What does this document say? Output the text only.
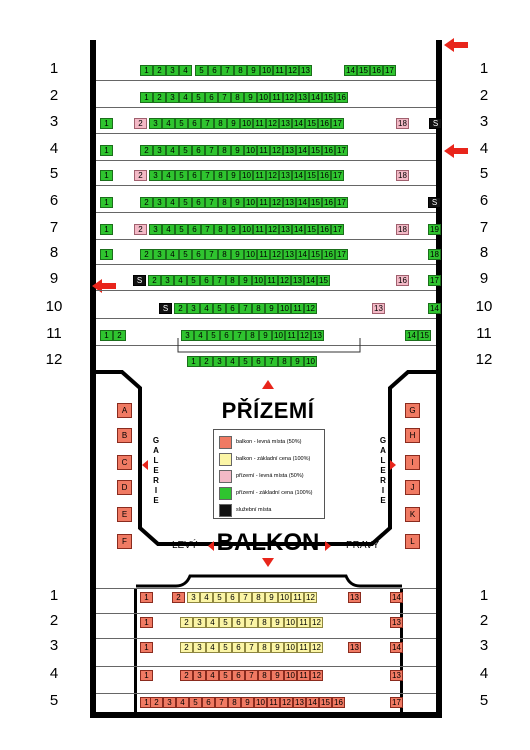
1	1
1	2	3	4	5	6	7	8	9 10 11 12 13	14 15 16 17
2	2
1	2	3	4	5	6	7	8	9 10 11 12 13 14 15 16
3	3
1	2	3	4	5	6	7	8	9 10 11 12 13 14 15 16 17	18	S
4	4
1	2	3	4	5	6	7	8	9 10 11 12 13 14 15 16 17
5	5
1	2	3	4	5	6	7	8	9 10 11 12 13 14 15 16 17	18
6	6
1	2	3	4	5	6	7	8	9 10 11 12 13 14 15 16 17	S
7	7
1	2	3	4	5	6	7	8	9 10 11 12 13 14 15 16 17	18	19
8	8
1	2	3	4	5	6	7	8	9 10 11 12 13 14 15 16 17	18
9	9
S	2	3	4	5	6	7	8	9 10 11 12 13 14 15	16	17
10	10
S	2	3	4	5	6	7	8	9 10 11 12	13	14
11	11
1	2	3	4	5	6	7	8	9 10 11 12 13	14 15
12	12
1	2	3	4	5	6	7	8	9 10
PŘÍZEMÍ
balkon - levná místa (50%)
balkon - základní cena (100%)
přízemí - levná místa (50%)
přízemí - základní cena (100%)
služební místa
A
B
C
D
E
F
G
A
L
E
R
I
E
G
H
I
J
K
L
G
A
L
E
R
I
E
LEVÝ BALKON	PRAVÝ
1	1
1	2	3	4	5	6	7	8	9 10 11 12	13	14
2	2
1	2	3	4	5	6	7	8	9 10 11 12	13
3	3
1	2	3	4	5	6	7	8	9 10 11 12	13	14
4	4
1	2	3	4	5	6	7	8	9 10 11 12	13
5	5
1 2	3	4	5	6	7	8	9 10 11 12 13 14 15 16	17
